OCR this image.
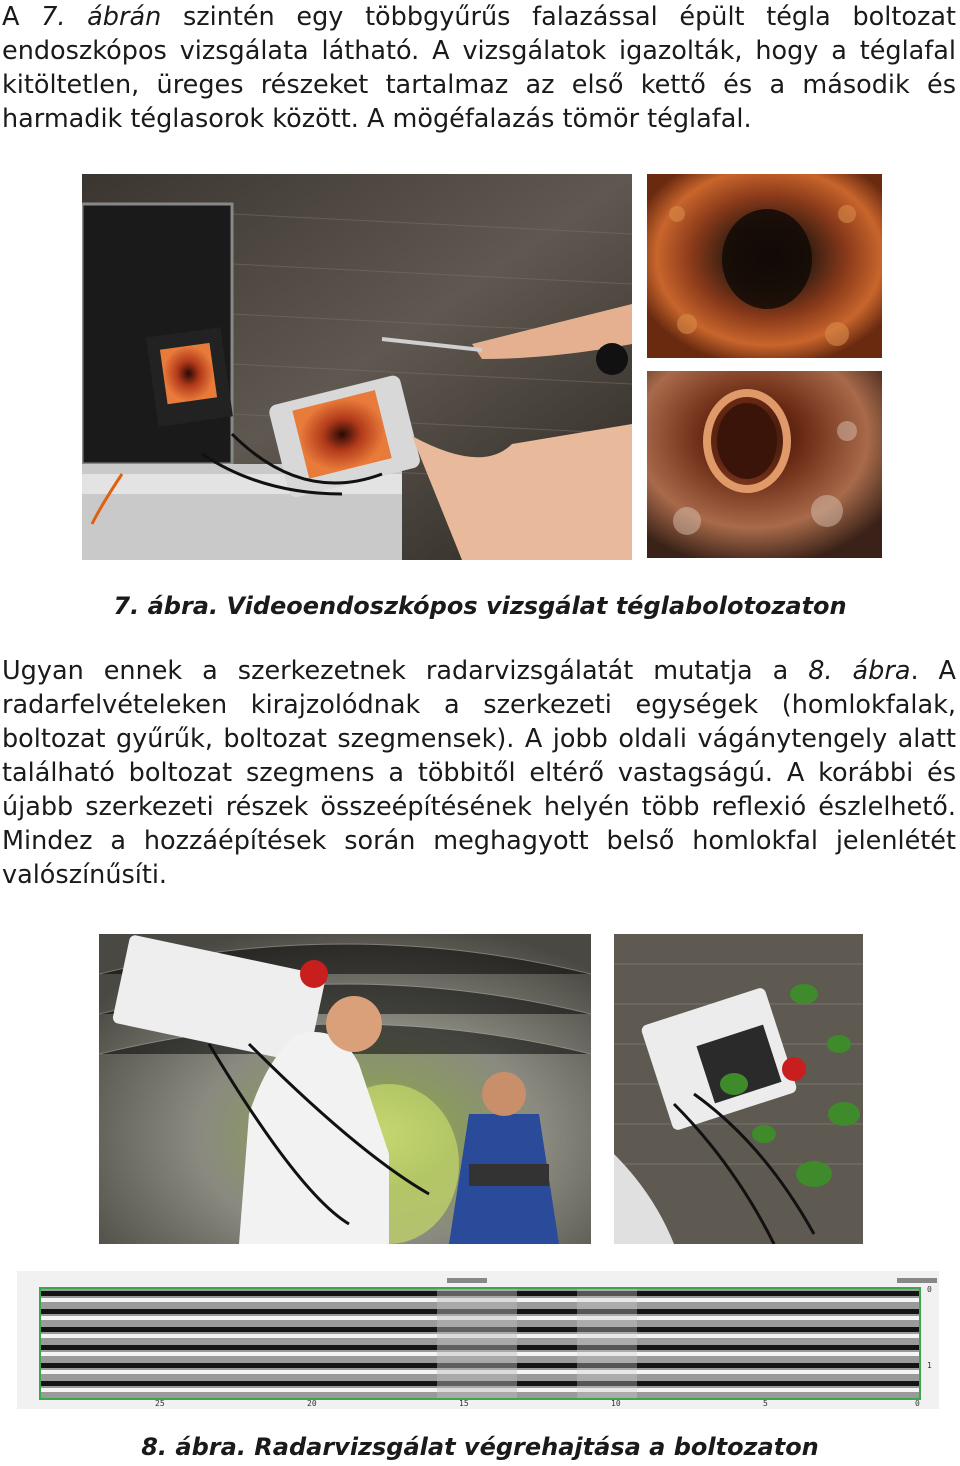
A 7. ábrán szintén egy többgyűrűs falazással épült tégla boltozat endoszkópos vizsgálata látható. A vizsgálatok igazolták, hogy a téglafal kitöltetlen, üreges részeket tartalmaz az első kettő és a második és harmadik téglasorok között. A mögéfalazás tömör téglafal.

7. ábra. Videoendoszkópos vizsgálat téglabolotozaton

Ugyan ennek a szerkezetnek radarvizsgálatát mutatja a 8. ábra. A radarfelvételeken kirajzolódnak a szerkezeti egységek (homlokfalak, boltozat gyűrűk, boltozat szegmensek). A jobb oldali vágánytengely alatt található boltozat szegmens a többitől eltérő vastagságú. A korábbi és újabb szerkezeti részek összeépítésének helyén több reflexió észlelhető. Mindez a hozzáépítések során meghagyott belső homlokfal jelenlétét valószínűsíti.

25	20	15	10	5	0
0
1

8. ábra. Radarvizsgálat végrehajtása a boltozaton
